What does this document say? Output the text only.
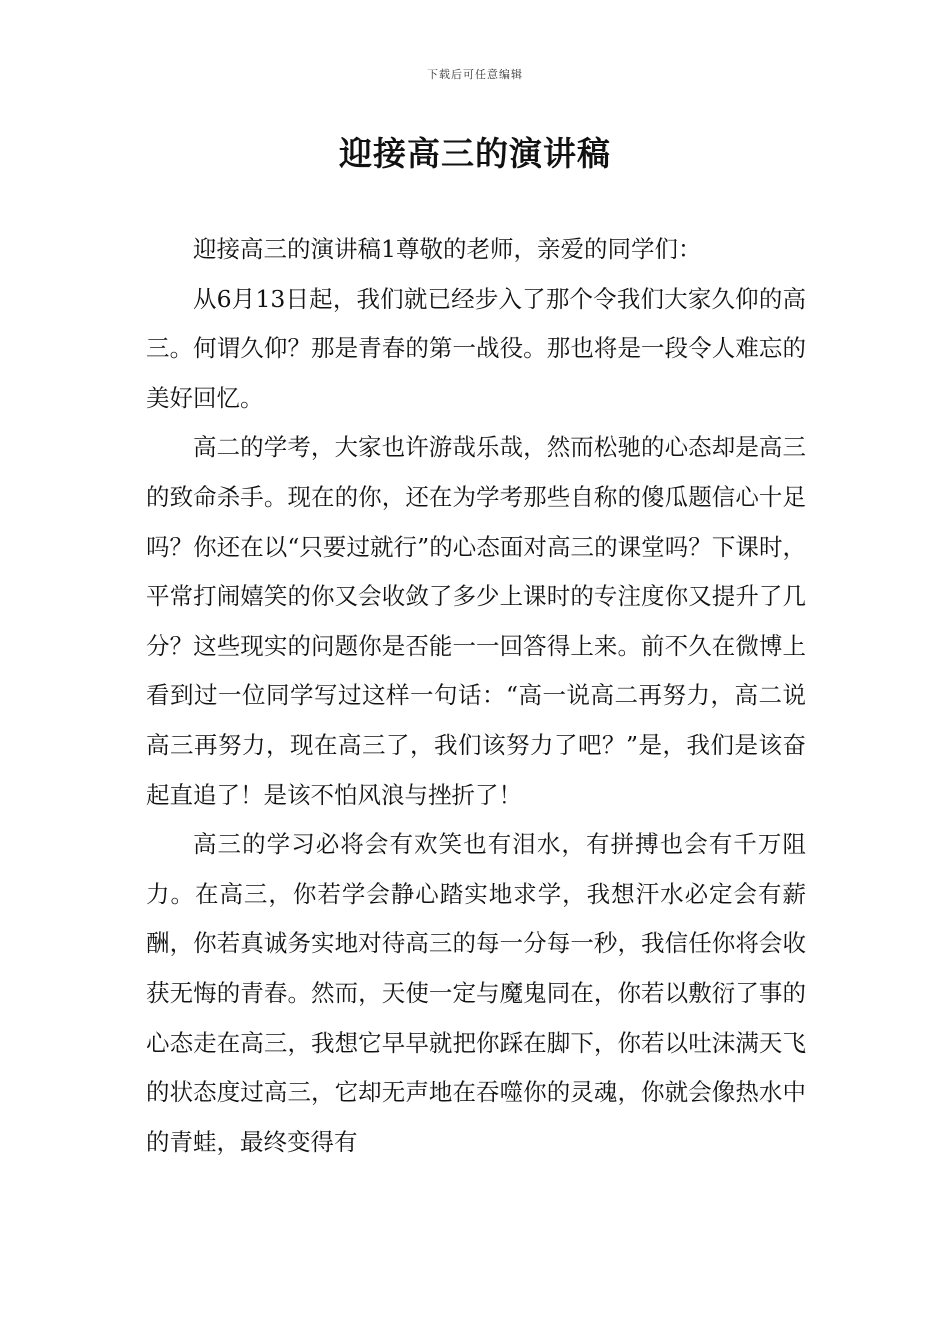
下载后可任意编辑
迎接高三的演讲稿

迎接高三的演讲稿1尊敬的老师，亲爱的同学们：

从6月13日起，我们就已经步入了那个令我们大家久仰的高三。何谓久仰？那是青春的第一战役。那也将是一段令人难忘的美好回忆。

高二的学考，大家也许游哉乐哉，然而松驰的心态却是高三的致命杀手。现在的你，还在为学考那些自称的傻瓜题信心十足吗？你还在以“只要过就行”的心态面对高三的课堂吗？下课时，平常打闹嬉笑的你又会收敛了多少上课时的专注度你又提升了几分？这些现实的问题你是否能一一回答得上来。前不久在微博上看到过一位同学写过这样一句话：“高一说高二再努力，高二说高三再努力，现在高三了，我们该努力了吧？”是，我们是该奋起直追了！是该不怕风浪与挫折了！

高三的学习必将会有欢笑也有泪水，有拼搏也会有千万阻力。在高三，你若学会静心踏实地求学，我想汗水必定会有薪酬，你若真诚务实地对待高三的每一分每一秒，我信任你将会收获无悔的青春。然而，天使一定与魔鬼同在，你若以敷衍了事的心态走在高三，我想它早早就把你踩在脚下，你若以吐沫满天飞的状态度过高三，它却无声地在吞噬你的灵魂，你就会像热水中的青蛙，最终变得有
